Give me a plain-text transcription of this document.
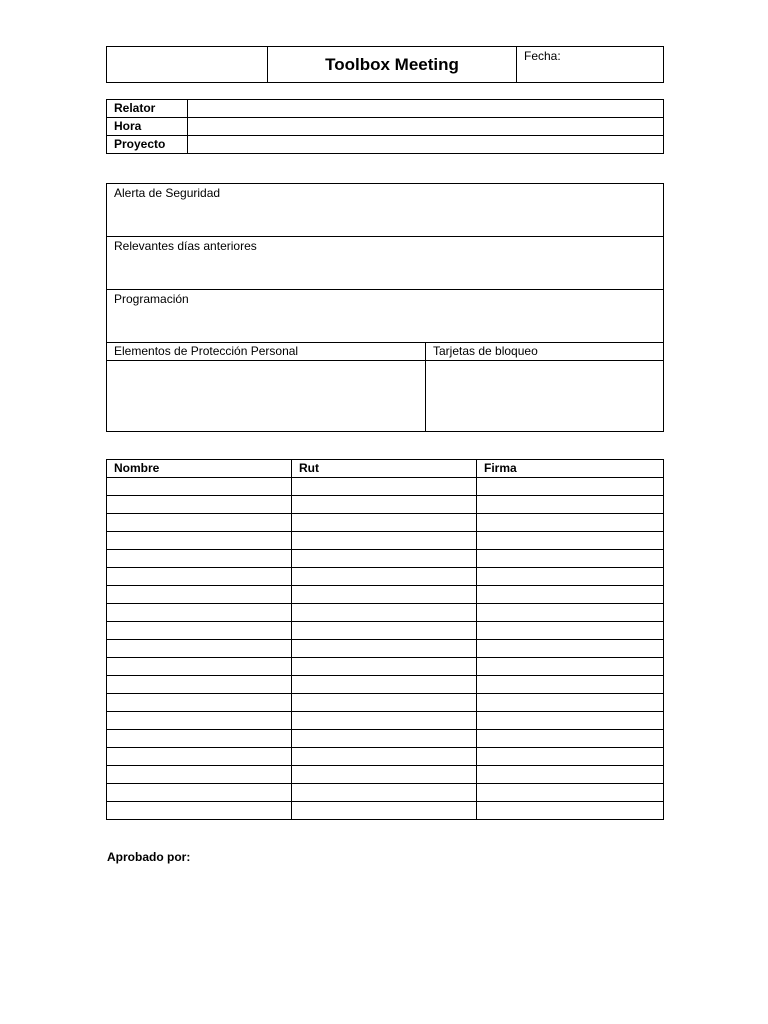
	Toolbox Meeting	Fecha:
Relator	
Hora	
Proyecto	
Alerta de Seguridad	
Relevantes días anteriores	
Programación	
Elementos de Protección Personal	Tarjetas de bloqueo

Nombre	Rut	Firma

Aprobado por:
